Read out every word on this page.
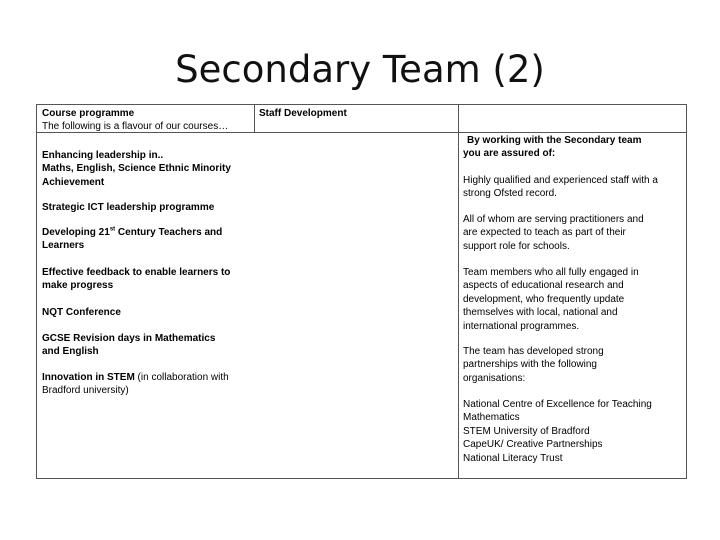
Secondary Team (2)
Course programme
The following is a flavour of our courses…
Staff Development
Enhancing leadership in..
Maths, English, Science Ethnic Minority
Achievement
Strategic ICT leadership programme
Developing 21st Century Teachers and
Learners
Effective feedback to enable learners to
make progress
NQT Conference
GCSE Revision days in Mathematics
and English
Innovation in STEM (in collaboration with
Bradford university)
By working with the Secondary team
you are assured of:
Highly qualified and experienced staff with a
strong Ofsted record.
All of whom are serving practitioners and
are expected to teach as part of their
support role for schools.
Team members who all fully engaged in
aspects of educational research and
development, who frequently update
themselves with local, national and
international programmes.
The team has developed strong
partnerships with the following
organisations:
National Centre of Excellence for Teaching
Mathematics
STEM University of Bradford
CapeUK/ Creative Partnerships
National Literacy Trust
